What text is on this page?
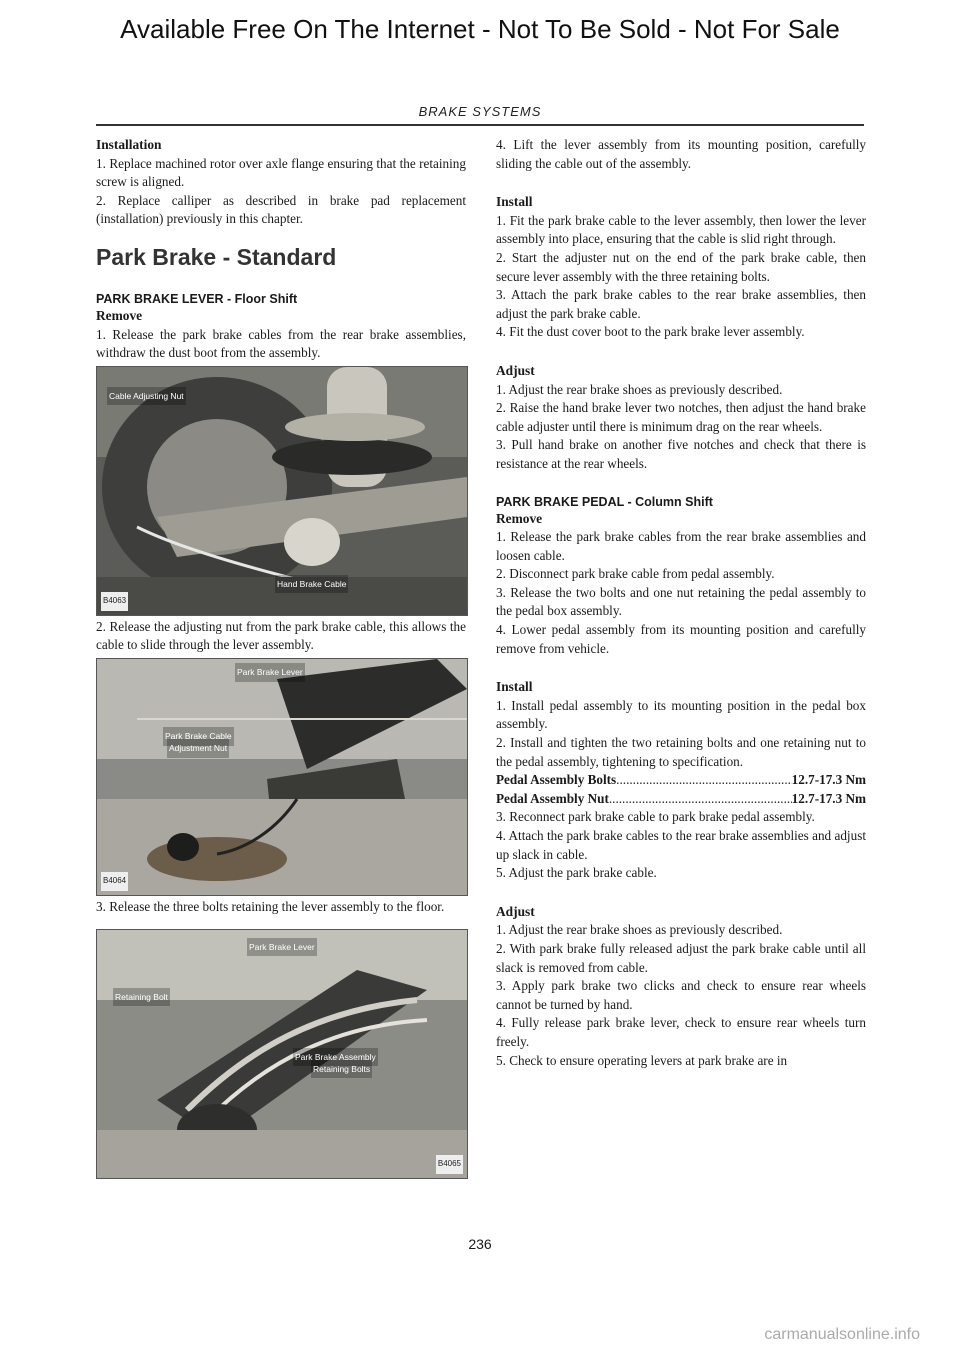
Available Free On The Internet - Not To Be Sold - Not For Sale
BRAKE SYSTEMS

Installation

1. Replace machined rotor over axle flange ensuring that the retaining screw is aligned.

2. Replace calliper as described in brake pad replacement (installation) previously in this chapter.

Park Brake - Standard

PARK BRAKE LEVER - Floor Shift

Remove

1. Release the park brake cables from the rear brake assemblies, withdraw the dust boot from the assembly.

Cable Adjusting Nut
Hand Brake Cable
B4063

2. Release the adjusting nut from the park brake cable, this allows the cable to slide through the lever assembly.

Park Brake Lever
Park Brake Cable
Adjustment Nut
B4064

3. Release the three bolts retaining the lever assembly to the floor.

Park Brake Lever
Retaining Bolt
Park Brake Assembly
Retaining Bolts
B4065

4. Lift the lever assembly from its mounting position, carefully sliding the cable out of the assembly.

Install

1. Fit the park brake cable to the lever assembly, then lower the lever assembly into place, ensuring that the cable is slid right through.

2. Start the adjuster nut on the end of the park brake cable, then secure lever assembly with the three retaining bolts.

3. Attach the park brake cables to the rear brake assemblies, then adjust the park brake cable.

4. Fit the dust cover boot to the park brake lever assembly.

Adjust

1. Adjust the rear brake shoes as previously described.

2. Raise the hand brake lever two notches, then adjust the hand brake cable adjuster until there is minimum drag on the rear wheels.

3. Pull hand brake on another five notches and check that there is resistance at the rear wheels.

PARK BRAKE PEDAL - Column Shift

Remove

1. Release the park brake cables from the rear brake assemblies and loosen cable.

2. Disconnect park brake cable from pedal assembly.

3. Release the two bolts and one nut retaining the pedal assembly to the pedal box assembly.

4. Lower pedal assembly from its mounting position and carefully remove from vehicle.

Install

1. Install pedal assembly to its mounting position in the pedal box assembly.

2. Install and tighten the two retaining bolts and one retaining nut to the pedal assembly, tightening to specification.

Pedal Assembly Bolts .....	12.7-17.3 Nm
Pedal Assembly Nut .....	12.7-17.3 Nm

3. Reconnect park brake cable to park brake pedal assembly.

4. Attach the park brake cables to the rear brake assemblies and adjust up slack in cable.

5. Adjust the park brake cable.

Adjust

1. Adjust the rear brake shoes as previously described.

2. With park brake fully released adjust the park brake cable until all slack is removed from cable.

3. Apply park brake two clicks and check to ensure rear wheels cannot be turned by hand.

4. Fully release park brake lever, check to ensure rear wheels turn freely.

5. Check to ensure operating levers at park brake are in

236
carmanualsonline.info
